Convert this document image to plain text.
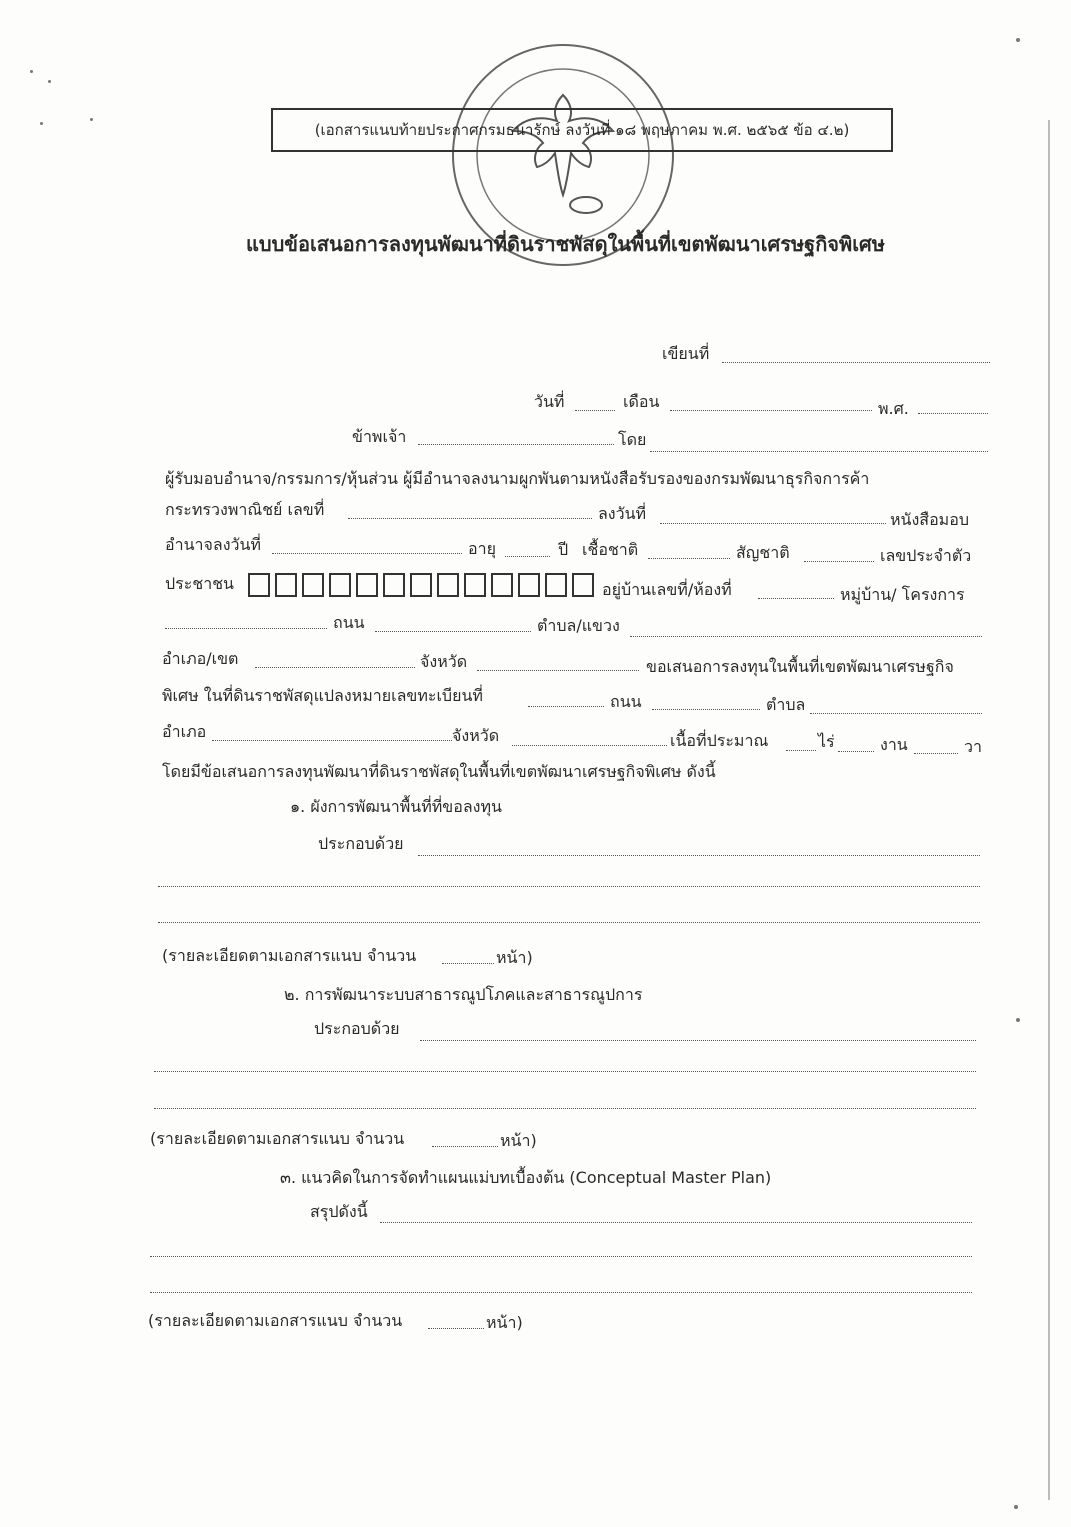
(เอกสารแนบท้ายประกาศกรมธนารักษ์ ลงวันที่ ๑๘ พฤษภาคม พ.ศ. ๒๕๖๕ ข้อ ๔.๒)
แบบข้อเสนอการลงทุนพัฒนาที่ดินราชพัสดุในพื้นที่เขตพัฒนาเศรษฐกิจพิเศษ
เขียนที่
วันที่	เดือน	พ.ศ.
ข้าพเจ้า	โดย
ผู้รับมอบอำนาจ/กรรมการ/หุ้นส่วน ผู้มีอำนาจลงนามผูกพันตามหนังสือรับรองของกรมพัฒนาธุรกิจการค้า
กระทรวงพาณิชย์ เลขที่	ลงวันที่	หนังสือมอบ
อำนาจลงวันที่	อายุ	ปี เชื้อชาติ	สัญชาติ	เลขประจำตัว
ประชาชน	อยู่บ้านเลขที่/ห้องที่	หมู่บ้าน/ โครงการ
ถนน	ตำบล/แขวง
อำเภอ/เขต	จังหวัด	ขอเสนอการลงทุนในพื้นที่เขตพัฒนาเศรษฐกิจ
พิเศษ ในที่ดินราชพัสดุแปลงหมายเลขทะเบียนที่	ถนน	ตำบล
อำเภอ	จังหวัด	เนื้อที่ประมาณ	ไร่	งาน	วา
โดยมีข้อเสนอการลงทุนพัฒนาที่ดินราชพัสดุในพื้นที่เขตพัฒนาเศรษฐกิจพิเศษ ดังนี้
๑. ผังการพัฒนาพื้นที่ที่ขอลงทุน
ประกอบด้วย
(รายละเอียดตามเอกสารแนบ จำนวน	หน้า)
๒. การพัฒนาระบบสาธารณูปโภคและสาธารณูปการ
ประกอบด้วย
(รายละเอียดตามเอกสารแนบ จำนวน	หน้า)
๓. แนวคิดในการจัดทำแผนแม่บทเบื้องต้น (Conceptual Master Plan)
สรุปดังนี้
(รายละเอียดตามเอกสารแนบ จำนวน	หน้า)
